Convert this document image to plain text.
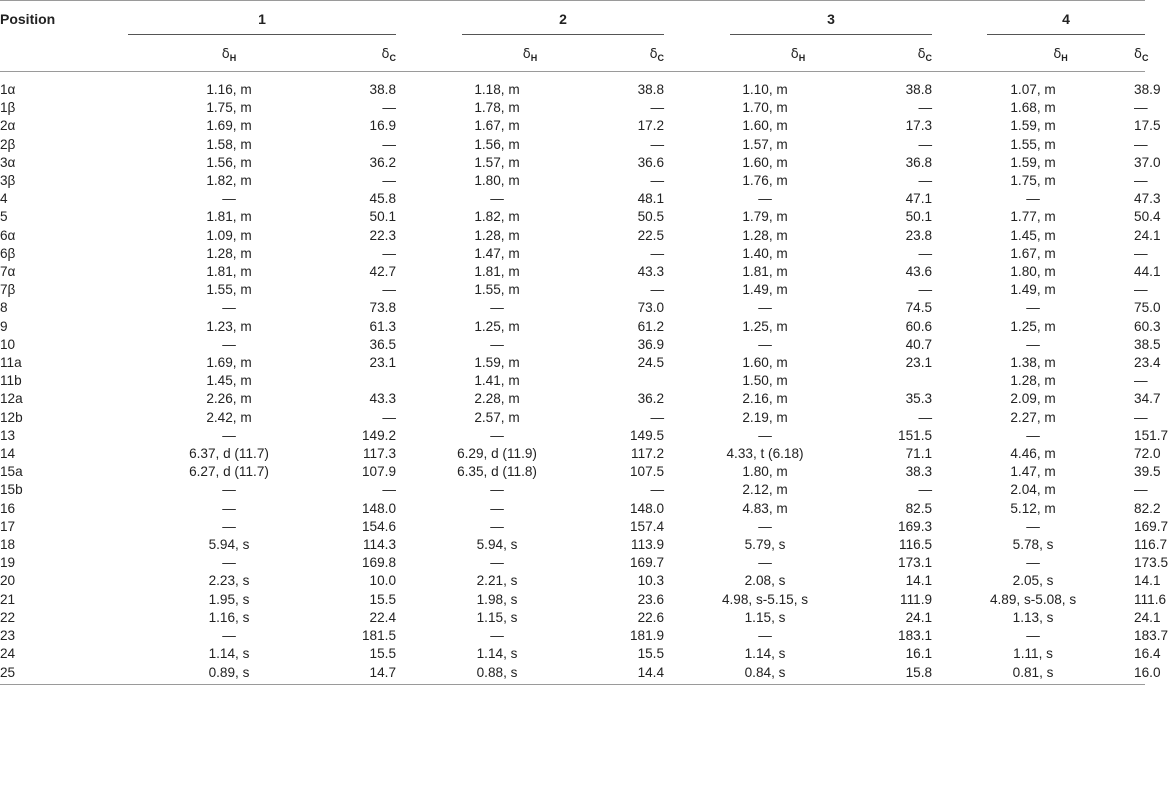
Position	1		2		3		4	

	$\delta_H$	$\delta_C$	$\delta_H$	$\delta_C$	$\delta_H$	$\delta_C$	$\delta_H$	$\delta_C$
1α	1.16, m	38.8	1.18, m	38.8	1.10, m	38.8	1.07, m	38.9
1β	1.75, m	—	1.78, m	—	1.70, m	—	1.68, m	—
2α	1.69, m	16.9	1.67, m	17.2	1.60, m	17.3	1.59, m	17.5
2β	1.58, m	—	1.56, m	—	1.57, m	—	1.55, m	—
3α	1.56, m	36.2	1.57, m	36.6	1.60, m	36.8	1.59, m	37.0
3β	1.82, m	—	1.80, m	—	1.76, m	—	1.75, m	—
4	—	45.8	—	48.1	—	47.1	—	47.3
5	1.81, m	50.1	1.82, m	50.5	1.79, m	50.1	1.77, m	50.4
6α	1.09, m	22.3	1.28, m	22.5	1.28, m	23.8	1.45, m	24.1
6β	1.28, m	—	1.47, m	—	1.40, m	—	1.67, m	—
7α	1.81, m	42.7	1.81, m	43.3	1.81, m	43.6	1.80, m	44.1
7β	1.55, m	—	1.55, m	—	1.49, m	—	1.49, m	—
8	—	73.8	—	73.0	—	74.5	—	75.0
9	1.23, m	61.3	1.25, m	61.2	1.25, m	60.6	1.25, m	60.3
10	—	36.5	—	36.9	—	40.7	—	38.5
11a	1.69, m	23.1	1.59, m	24.5	1.60, m	23.1	1.38, m	23.4
11b	1.45, m		1.41, m		1.50, m		1.28, m	—
12a	2.26, m	43.3	2.28, m	36.2	2.16, m	35.3	2.09, m	34.7
12b	2.42, m	—	2.57, m	—	2.19, m	—	2.27, m	—
13	—	149.2	—	149.5	—	151.5	—	151.7
14	6.37, d (11.7)	117.3	6.29, d (11.9)	117.2	4.33, t (6.18)	71.1	4.46, m	72.0
15a	6.27, d (11.7)	107.9	6.35, d (11.8)	107.5	1.80, m	38.3	1.47, m	39.5
15b	—	—	—	—	2.12, m	—	2.04, m	—
16	—	148.0	—	148.0	4.83, m	82.5	5.12, m	82.2
17	—	154.6	—	157.4	—	169.3	—	169.7
18	5.94, s	114.3	5.94, s	113.9	5.79, s	116.5	5.78, s	116.7
19	—	169.8	—	169.7	—	173.1	—	173.5
20	2.23, s	10.0	2.21, s	10.3	2.08, s	14.1	2.05, s	14.1
21	1.95, s	15.5	1.98, s	23.6	4.98, s-5.15, s	111.9	4.89, s-5.08, s	111.6
22	1.16, s	22.4	1.15, s	22.6	1.15, s	24.1	1.13, s	24.1
23	—	181.5	—	181.9	—	183.1	—	183.7
24	1.14, s	15.5	1.14, s	15.5	1.14, s	16.1	1.11, s	16.4
25	0.89, s	14.7	0.88, s	14.4	0.84, s	15.8	0.81, s	16.0
